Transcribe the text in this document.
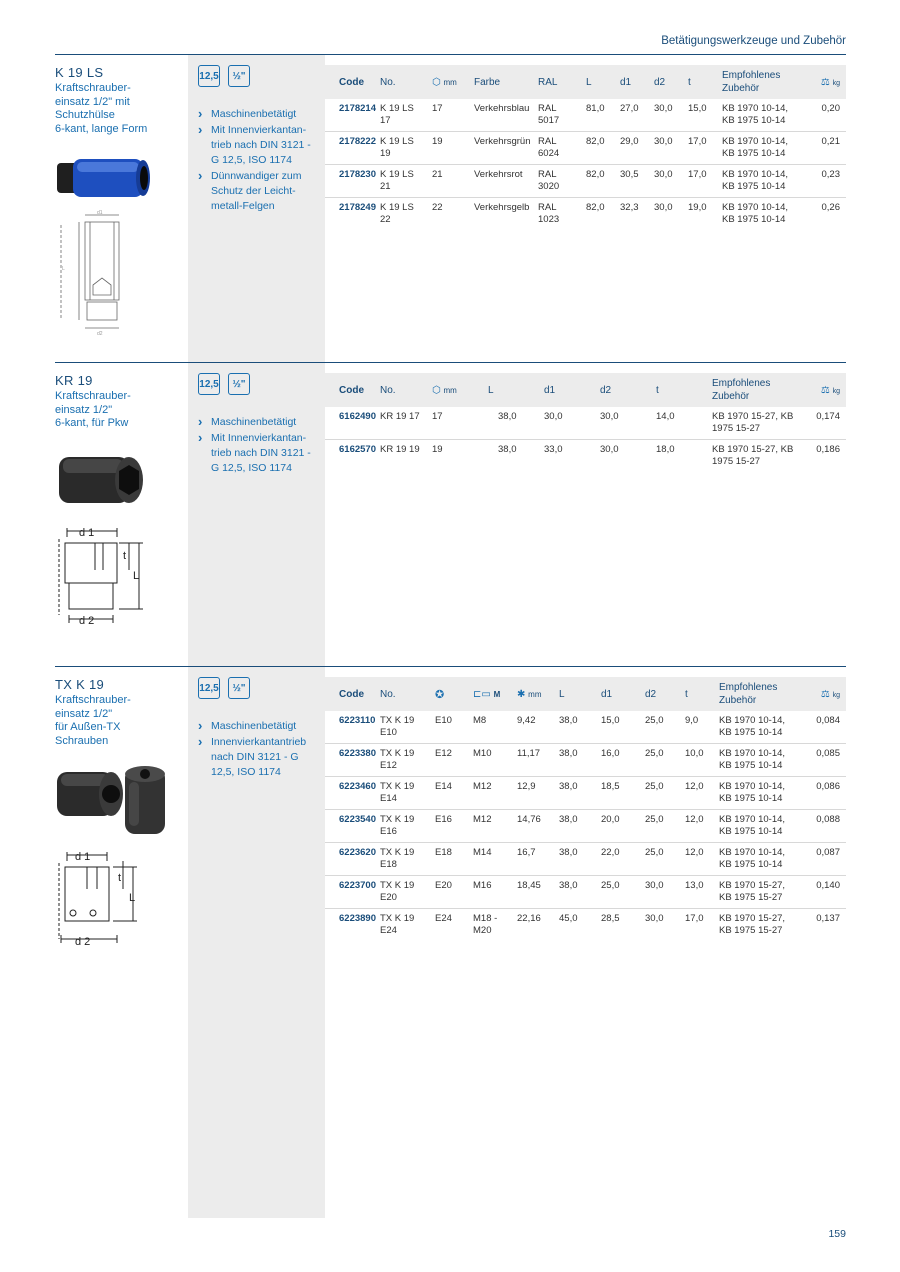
Betätigungswerkzeuge und Zubehör
K 19 LS
Kraftschrauber-
einsatz 1/2" mit
Schutzhülse
6-kant, lange Form
d1
d2
L
12,5	½"
› Maschinenbetätigt
› Mit Innenvierkantan- trieb nach DIN 3121 - G 12,5, ISO 1174
› Dünnwandiger zum Schutz der Leicht- metall-Felgen
Code	No.	⬡ mm	Farbe	RAL	L	d1	d2	t	Empfohlenes Zubehör	⚖ kg
2178214	K 19 LS 17	17	Verkehrsblau	RAL 5017	81,0	27,0	30,0	15,0	KB 1970 10-14, KB 1975 10-14	0,20
2178222	K 19 LS 19	19	Verkehrsgrün	RAL 6024	82,0	29,0	30,0	17,0	KB 1970 10-14, KB 1975 10-14	0,21
2178230	K 19 LS 21	21	Verkehrsrot	RAL 3020	82,0	30,5	30,0	17,0	KB 1970 10-14, KB 1975 10-14	0,23
2178249	K 19 LS 22	22	Verkehrsgelb	RAL 1023	82,0	32,3	30,0	19,0	KB 1970 10-14, KB 1975 10-14	0,26
KR 19
Kraftschrauber-
einsatz 1/2"
6-kant, für Pkw
d 1
d 2
t
L
12,5	½"
› Maschinenbetätigt
› Mit Innenvierkantan- trieb nach DIN 3121 - G 12,5, ISO 1174
Code	No.	⬡ mm	L	d1	d2	t	Empfohlenes Zubehör	⚖ kg
6162490	KR 19 17	17	38,0	30,0	30,0	14,0	KB 1970 15-27, KB 1975 15-27	0,174
6162570	KR 19 19	19	38,0	33,0	30,0	18,0	KB 1970 15-27, KB 1975 15-27	0,186
TX K 19
Kraftschrauber-
einsatz 1/2"
für Außen-TX
Schrauben
d 1
d 2
t
L
12,5	½"
› Maschinenbetätigt
› Innenvierkantantrieb nach DIN 3121 - G 12,5, ISO 1174
Code	No.	✪	⊏▭ M	✱ mm	L	d1	d2	t	Empfohlenes Zubehör	⚖ kg
6223110	TX K 19 E10	E10	M8	9,42	38,0	15,0	25,0	9,0	KB 1970 10-14, KB 1975 10-14	0,084
6223380	TX K 19 E12	E12	M10	11,17	38,0	16,0	25,0	10,0	KB 1970 10-14, KB 1975 10-14	0,085
6223460	TX K 19 E14	E14	M12	12,9	38,0	18,5	25,0	12,0	KB 1970 10-14, KB 1975 10-14	0,086
6223540	TX K 19 E16	E16	M12	14,76	38,0	20,0	25,0	12,0	KB 1970 10-14, KB 1975 10-14	0,088
6223620	TX K 19 E18	E18	M14	16,7	38,0	22,0	25,0	12,0	KB 1970 10-14, KB 1975 10-14	0,087
6223700	TX K 19 E20	E20	M16	18,45	38,0	25,0	30,0	13,0	KB 1970 15-27, KB 1975 15-27	0,140
6223890	TX K 19 E24	E24	M18 - M20	22,16	45,0	28,5	30,0	17,0	KB 1970 15-27, KB 1975 15-27	0,137
159
